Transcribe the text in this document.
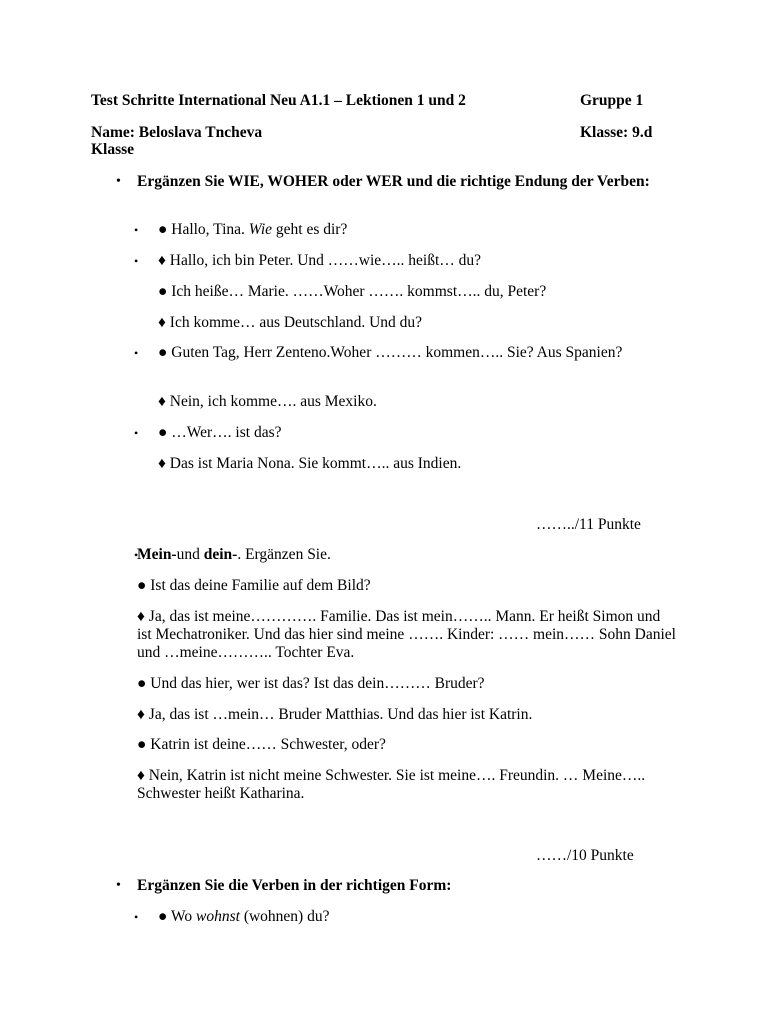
Test Schritte International Neu A1.1 – Lektionen 1 und 2	Gruppe 1
Name: Beloslava Tncheva	Klasse: 9.d
Klasse
• Ergänzen Sie WIE, WOHER oder WER und die richtige Endung der Verben:
• ● Hallo, Tina. Wie geht es dir?
• ♦ Hallo, ich bin Peter. Und ……wie….. heißt… du?
● Ich heiße… Marie. ……Woher ……. kommst….. du, Peter?
♦ Ich komme… aus Deutschland. Und du?
• ● Guten Tag, Herr Zenteno.Woher ……… kommen….. Sie? Aus Spanien?
♦ Nein, ich komme…. aus Mexiko.
• ● …Wer…. ist das?
♦ Das ist Maria Nona. Sie kommt….. aus Indien.
……../11 Punkte
•
Mein-und dein-. Ergänzen Sie.
● Ist das deine Familie auf dem Bild?
♦ Ja, das ist meine…………. Familie. Das ist mein…….. Mann. Er heißt Simon und ist Mechatroniker. Und das hier sind meine ……. Kinder: …… mein…… Sohn Daniel und …meine……….. Tochter Eva.
● Und das hier, wer ist das? Ist das dein……… Bruder?
♦ Ja, das ist …mein… Bruder Matthias. Und das hier ist Katrin.
● Katrin ist deine…… Schwester, oder?
♦ Nein, Katrin ist nicht meine Schwester. Sie ist meine…. Freundin. … Meine….. Schwester heißt Katharina.
……/10 Punkte
• Ergänzen Sie die Verben in der richtigen Form:
• ● Wo wohnst (wohnen) du?
